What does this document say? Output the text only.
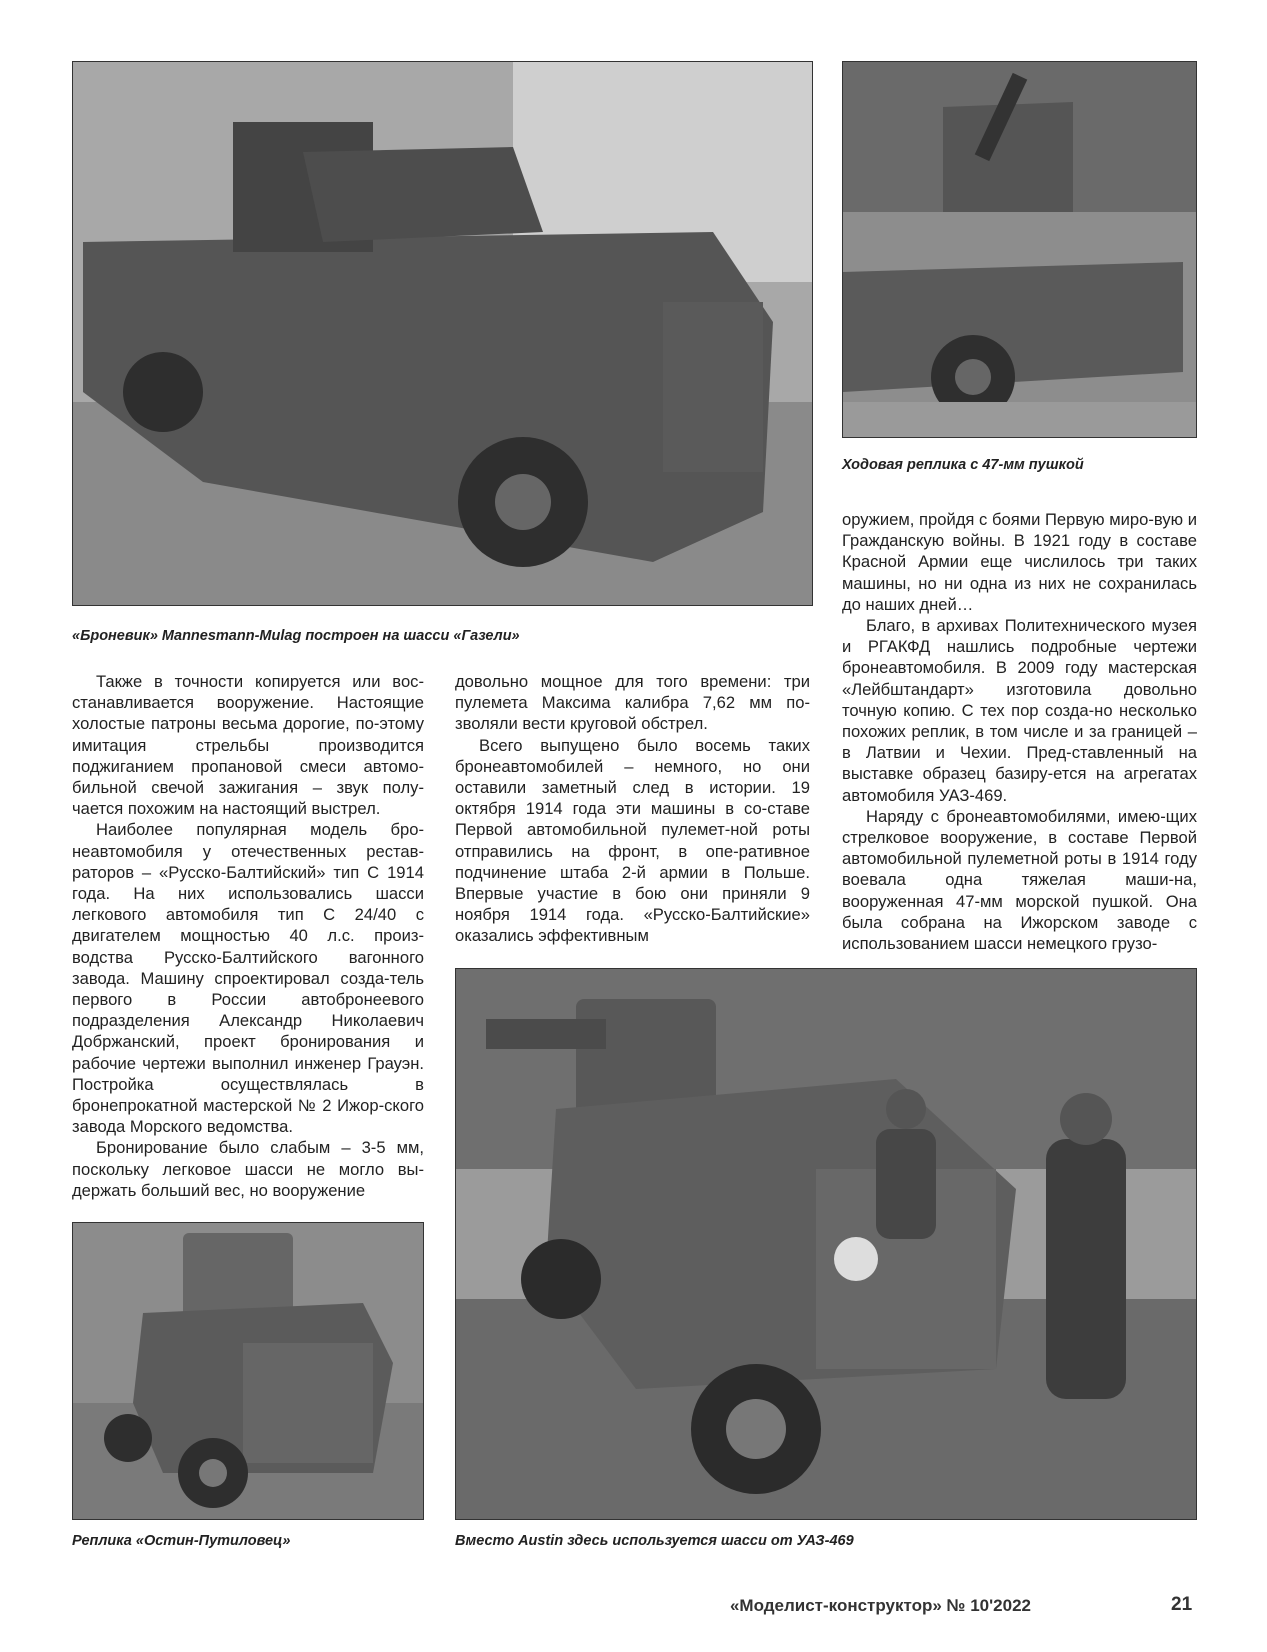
«Броневик» Mannesmann-Mulag построен на шасси «Газели»
Ходовая реплика с 47-мм пушкой

оружием, пройдя с боями Первую миро-вую и Гражданскую войны. В 1921 году в составе Красной Армии еще числилось три таких машины, но ни одна из них не сохранилась до наших дней…

Благо, в архивах Политехнического музея и РГАКФД нашлись подробные чертежи бронеавтомобиля. В 2009 году мастерская «Лейбштандарт» изготовила довольно точную копию. С тех пор созда-но несколько похожих реплик, в том числе и за границей – в Латвии и Чехии. Пред-ставленный на выставке образец базиру-ется на агрегатах автомобиля УАЗ-469.

Наряду с бронеавтомобилями, имею-щих стрелковое вооружение, в составе Первой автомобильной пулеметной роты в 1914 году воевала одна тяжелая маши-на, вооруженная 47-мм морской пушкой. Она была собрана на Ижорском заводе с использованием шасси немецкого грузо-

Также в точности копируется или вос-станавливается вооружение. Настоящие холостые патроны весьма дорогие, по-этому имитация стрельбы производится поджиганием пропановой смеси автомо-бильной свечой зажигания – звук полу-чается похожим на настоящий выстрел.

Наиболее популярная модель бро-неавтомобиля у отечественных рестав-раторов – «Русско-Балтийский» тип С 1914 года. На них использовались шасси легкового автомобиля тип С 24/40 с двигателем мощностью 40 л.с. произ-водства Русско-Балтийского вагонного завода. Машину спроектировал созда-тель первого в России автобронеевого подразделения Александр Николаевич Добржанский, проект бронирования и рабочие чертежи выполнил инженер Грауэн. Постройка осуществлялась в бронепрокатной мастерской № 2 Ижор-ского завода Морского ведомства.

Бронирование было слабым – 3-5 мм, поскольку легковое шасси не могло вы-держать больший вес, но вооружение

довольно мощное для того времени: три пулемета Максима калибра 7,62 мм по-зволяли вести круговой обстрел.

Всего выпущено было восемь таких бронеавтомобилей – немного, но они оставили заметный след в истории. 19 октября 1914 года эти машины в со-ставе Первой автомобильной пулемет-ной роты отправились на фронт, в опе-ративное подчинение штаба 2-й армии в Польше. Впервые участие в бою они приняли 9 ноября 1914 года. «Русско-Балтийские» оказались эффективным

Реплика «Остин-Путиловец»	Вместо Austin здесь используется шасси от УАЗ-469
«Моделист-конструктор» № 10'2022	21
